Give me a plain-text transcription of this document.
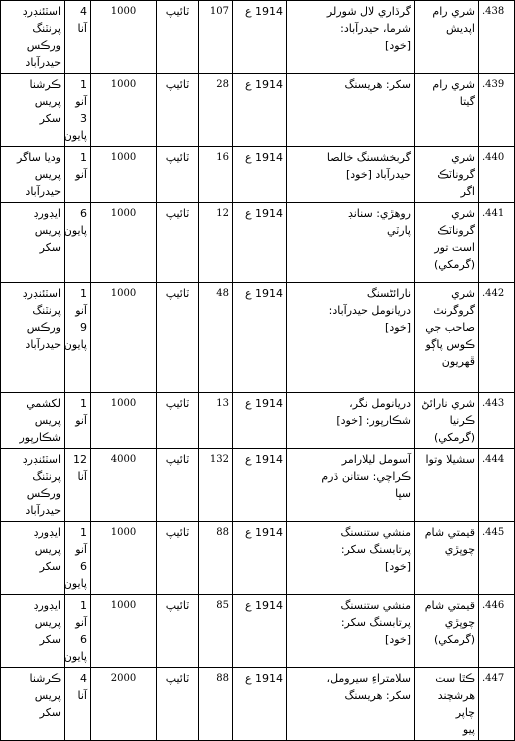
اسٽئنڊرڊ
پرنٽنگ ورڪس
حيدرآباد	4 آنا	1000	ٽائيپ	107	1914 ع	گرڌاري لال شورلر
شرما، حيدرآباد:
[خود]	شري رام
اپديش	.438

ڪرشنا پريس
سکر	1 آنو 3
پايون	1000	ٽائيپ	28	1914 ع	سکر: هريسنگ	شري رام
گيتا	.439

وديا ساگر پريس
حيدرآباد	1 آنو	1000	ٽائيپ	16	1914 ع	گربخشسنگ خالصا
حيدرآباد [خود]	شري
گروناٽڪ
اگر	.440

ايڊورڊ پريس
سکر	6 پايون	1000	ٽائيپ	12	1914 ع	روهڙي: سنانڊ
پارٽي	شري
گروناٽڪ
است تور
(گرمکي)	.441

اسٽئنڊرڊ
پرنٽنگ ورڪس
حيدرآباد	1 آنو 9
پايون	1000	ٽائيپ	48	1914 ع	نارائڻسنگ
دريانومل حيدرآباد:
[خود]	شري
گروگرنٿ
صاحب جي
ڪوس پاڳو
ڦهريون	.442

لکشمي پريس
شڪارپور	1 آنو	1000	ٽائيپ	13	1914 ع	دريانومل نگر،
شڪارپور: [خود]	شري نارائڻ
ڪرنيا
(گرمکي)	.443

اسٽئنڊرڊ
پرنٽنگ ورڪس
حيدرآباد	12 آنا	4000	ٽائيپ	132	1914 ع	آسومل ليلارامر
ڪراچي: ستانن ڌرم
سڀا	سشيلا وتوا	.444

ايڊورڊ پريس
سکر	1 آنو 6
پايون	1000	ٽائيپ	88	1914 ع	منشي ستنسنگ
پرتابسنگ سکر:
[خود]	قيمتي شام
چوپڙي	.445

ايڊورڊ پريس
سکر	1 آنو 6
پايون	1000	ٽائيپ	85	1914 ع	منشي ستنسنگ
پرتابسنگ سکر:
[خود]	قيمتي شام
چوپڙي
(گرمکي)	.446

ڪرشنا پريس
سکر	4 آنا	2000	ٽائيپ	88	1914 ع	سلامتراءِ سيرومل،
سکر: هريسنگ	ڪٿا ست
هرشچند چاپر
پيو	.447
